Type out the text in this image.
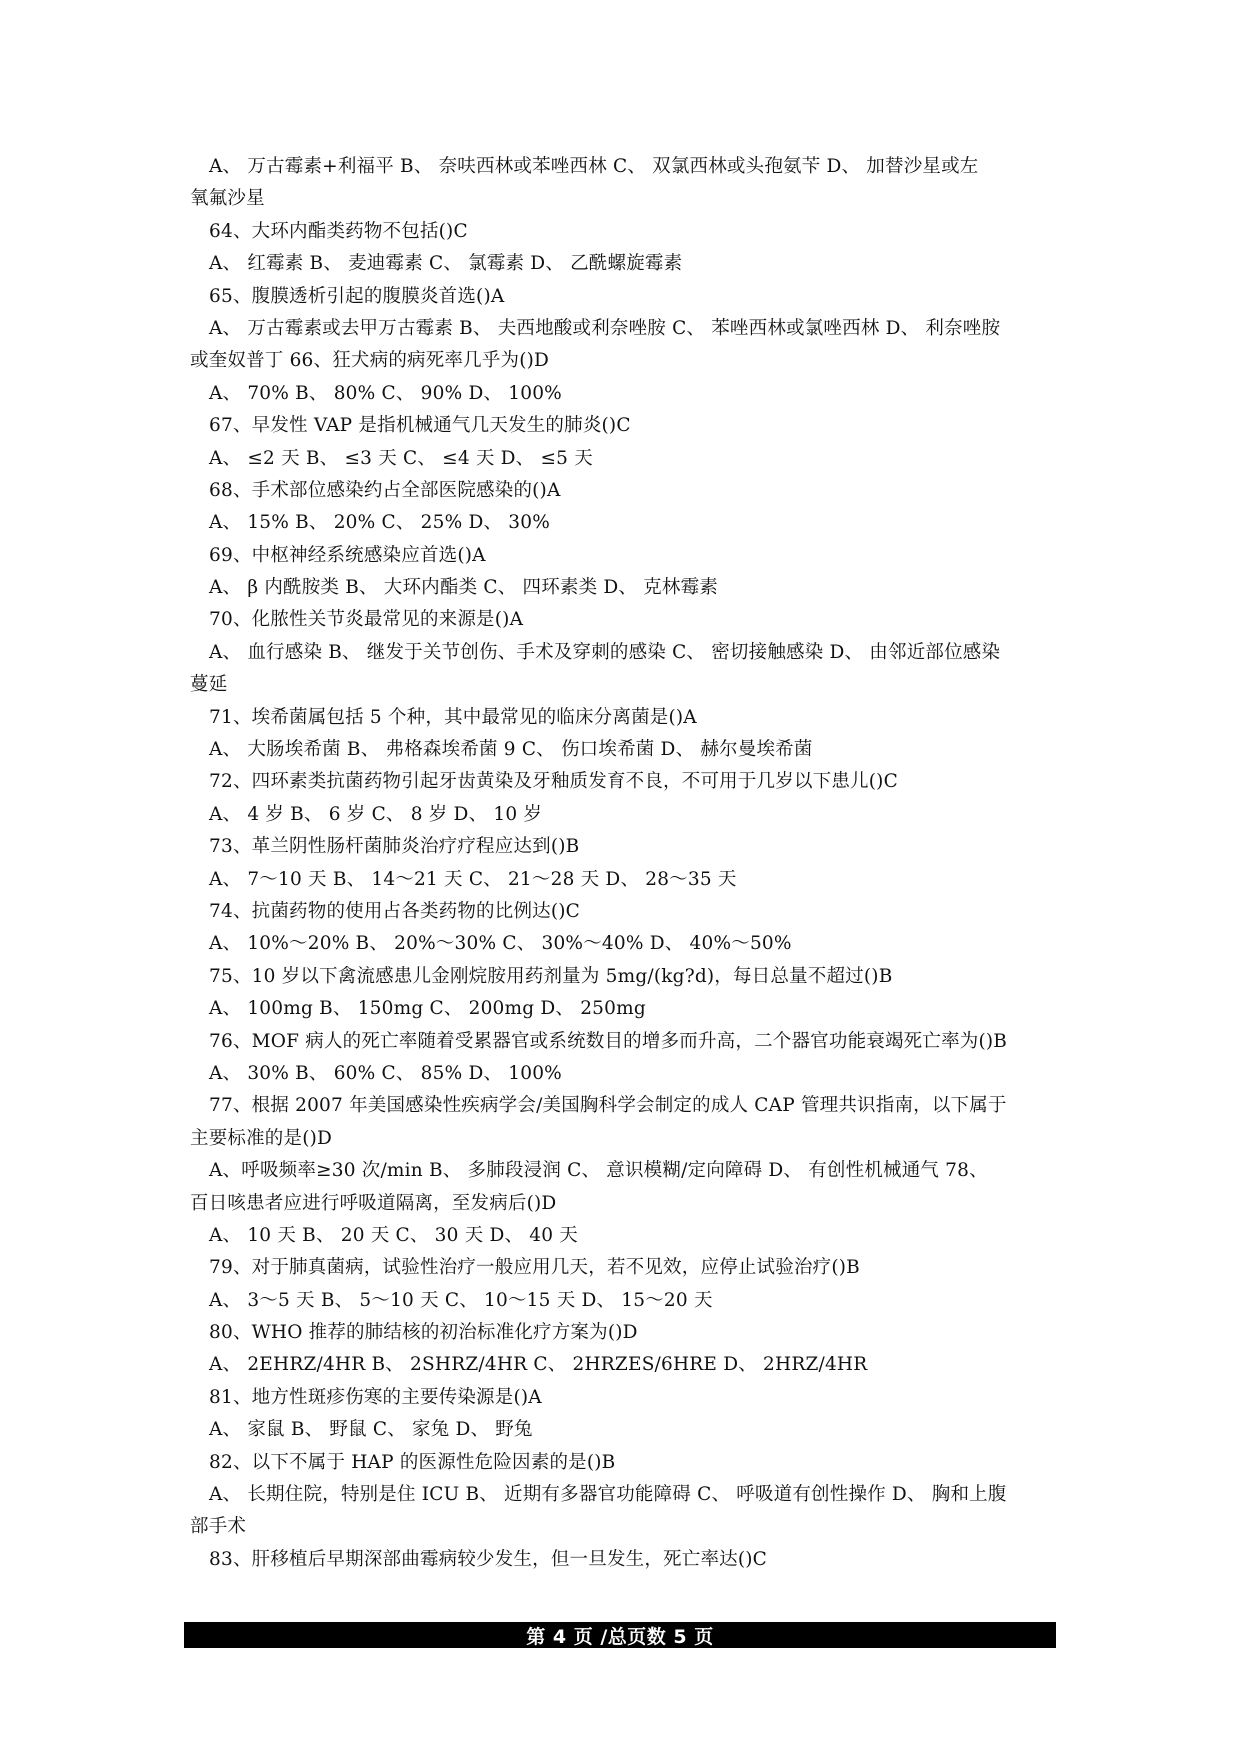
A、 万古霉素+利福平 B、 奈呋西林或苯唑西林 C、 双氯西林或头孢氨苄 D、 加替沙星或左
氧氟沙星
64、大环内酯类药物不包括()C
A、 红霉素 B、 麦迪霉素 C、 氯霉素 D、 乙酰螺旋霉素
65、腹膜透析引起的腹膜炎首选()A
A、 万古霉素或去甲万古霉素 B、 夫西地酸或利奈唑胺 C、 苯唑西林或氯唑西林 D、 利奈唑胺
或奎奴普丁 66、狂犬病的病死率几乎为()D
A、 70% B、 80% C、 90% D、 100%
67、早发性 VAP 是指机械通气几天发生的肺炎()C
A、 ≤2 天 B、 ≤3 天 C、 ≤4 天 D、 ≤5 天
68、手术部位感染约占全部医院感染的()A
A、 15% B、 20% C、 25% D、 30%
69、中枢神经系统感染应首选()A
A、 β 内酰胺类 B、 大环内酯类 C、 四环素类 D、 克林霉素
70、化脓性关节炎最常见的来源是()A
A、 血行感染 B、 继发于关节创伤、手术及穿刺的感染 C、 密切接触感染 D、 由邻近部位感染
蔓延
71、埃希菌属包括 5 个种，其中最常见的临床分离菌是()A
A、 大肠埃希菌 B、 弗格森埃希菌 9 C、 伤口埃希菌 D、 赫尔曼埃希菌
72、四环素类抗菌药物引起牙齿黄染及牙釉质发育不良，不可用于几岁以下患儿()C
A、 4 岁 B、 6 岁 C、 8 岁 D、 10 岁
73、革兰阴性肠杆菌肺炎治疗疗程应达到()B
A、 7～10 天 B、 14～21 天 C、 21～28 天 D、 28～35 天
74、抗菌药物的使用占各类药物的比例达()C
A、 10%～20% B、 20%～30% C、 30%～40% D、 40%～50%
75、10 岁以下禽流感患儿金刚烷胺用药剂量为 5mg/(kg?d)，每日总量不超过()B
A、 100mg B、 150mg C、 200mg D、 250mg
76、MOF 病人的死亡率随着受累器官或系统数目的增多而升高，二个器官功能衰竭死亡率为()B
A、 30% B、 60% C、 85% D、 100%
77、根据 2007 年美国感染性疾病学会/美国胸科学会制定的成人 CAP 管理共识指南，以下属于
主要标准的是()D
A、呼吸频率≥30 次/min B、 多肺段浸润 C、 意识模糊/定向障碍 D、 有创性机械通气 78、
百日咳患者应进行呼吸道隔离，至发病后()D
A、 10 天 B、 20 天 C、 30 天 D、 40 天
79、对于肺真菌病，试验性治疗一般应用几天，若不见效，应停止试验治疗()B
A、 3～5 天 B、 5～10 天 C、 10～15 天 D、 15～20 天
80、WHO 推荐的肺结核的初治标准化疗方案为()D
A、 2EHRZ/4HR B、 2SHRZ/4HR C、 2HRZES/6HRE D、 2HRZ/4HR
81、地方性斑疹伤寒的主要传染源是()A
A、 家鼠 B、 野鼠 C、 家兔 D、 野兔
82、以下不属于 HAP 的医源性危险因素的是()B
A、 长期住院，特别是住 ICU B、 近期有多器官功能障碍 C、 呼吸道有创性操作 D、 胸和上腹
部手术
83、肝移植后早期深部曲霉病较少发生，但一旦发生，死亡率达()C
第 4 页 /总页数 5 页
